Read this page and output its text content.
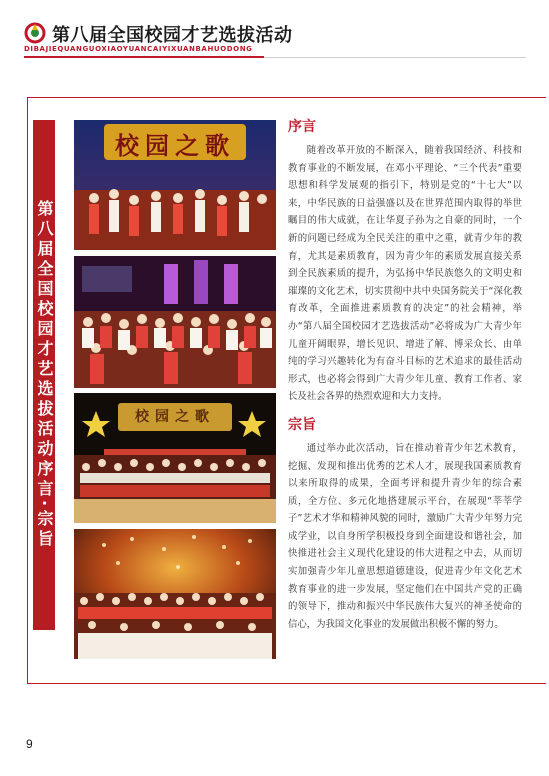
第八届全国校园才艺选拔活动
DIBAJIEQUANGUOXIAOYUANCAIYIXUANBAHUODONG
第八届全国校园才艺选拔活动序言·宗旨
校园之歌
校园之歌
序言

随着改革开放的不断深入，随着我国经济、科技和教育事业的不断发展，在邓小平理论、“三个代表”重要思想和科学发展观的指引下，特别是党的“十七大”以来，中华民族的日益强盛以及在世界范围内取得的举世瞩目的伟大成就，在让华夏子孙为之自豪的同时，一个新的问题已经成为全民关注的重中之重，就青少年的教育，尤其是素质教育，因为青少年的素质发展直接关系到全民族素质的提升，为弘扬中华民族悠久的文明史和璀璨的文化艺术，切实贯彻中共中央国务院关于“深化教育改革，全面推进素质教育的决定”的社会精神，举办“第八届全国校园才艺选拔活动”必将成为广大青少年儿童开阔眼界，增长见识、增进了解、博采众长、由单纯的学习兴趣转化为有奋斗目标的艺术追求的最佳活动形式，也必将会得到广大青少年儿童、教育工作者、家长及社会各界的热烈欢迎和大力支持。

宗旨

通过举办此次活动，旨在推动着青少年艺术教育，挖掘、发现和推出优秀的艺术人才，展现我国素质教育以来所取得的成果，全面考评和提升青少年的综合素质，全方位、多元化地搭建展示平台，在展现“莘莘学子”艺术才华和精神风貌的同时，激励广大青少年努力完成学业，以自身所学积极投身到全面建设和谐社会，加快推进社会主义现代化建设的伟大进程之中去，从而切实加强青少年儿童思想道德建设，促进青少年文化艺术教育事业的进一步发展，坚定他们在中国共产党的正确的领导下，推动和振兴中华民族伟大复兴的神圣使命的信心，为我国文化事业的发展做出积极不懈的努力。

9
